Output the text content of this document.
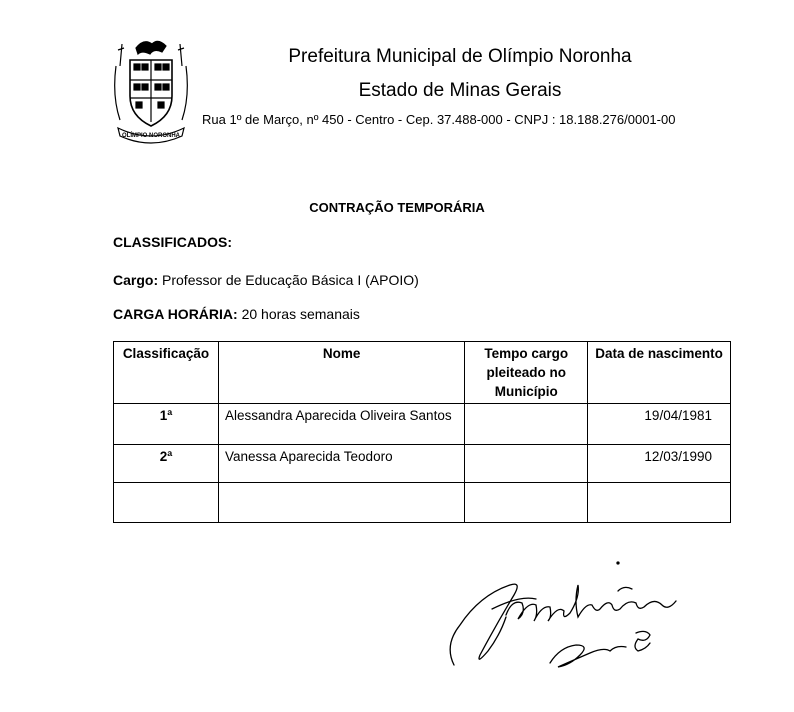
OLÍMPIO NORONHA
Prefeitura Municipal de Olímpio Noronha
Estado de Minas Gerais
Rua 1º de Março, nº 450 - Centro - Cep. 37.488-000 - CNPJ : 18.188.276/0001-00
CONTRAÇÃO TEMPORÁRIA
CLASSIFICADOS:
Cargo: Professor de Educação Básica I (APOIO)
CARGA HORÁRIA: 20 horas semanais
Classificação	Nome	Tempo cargo pleiteado no Município	Data de nascimento
1ª	Alessandra Aparecida Oliveira Santos		19/04/1981
2ª	Vanessa Aparecida Teodoro		12/03/1990
